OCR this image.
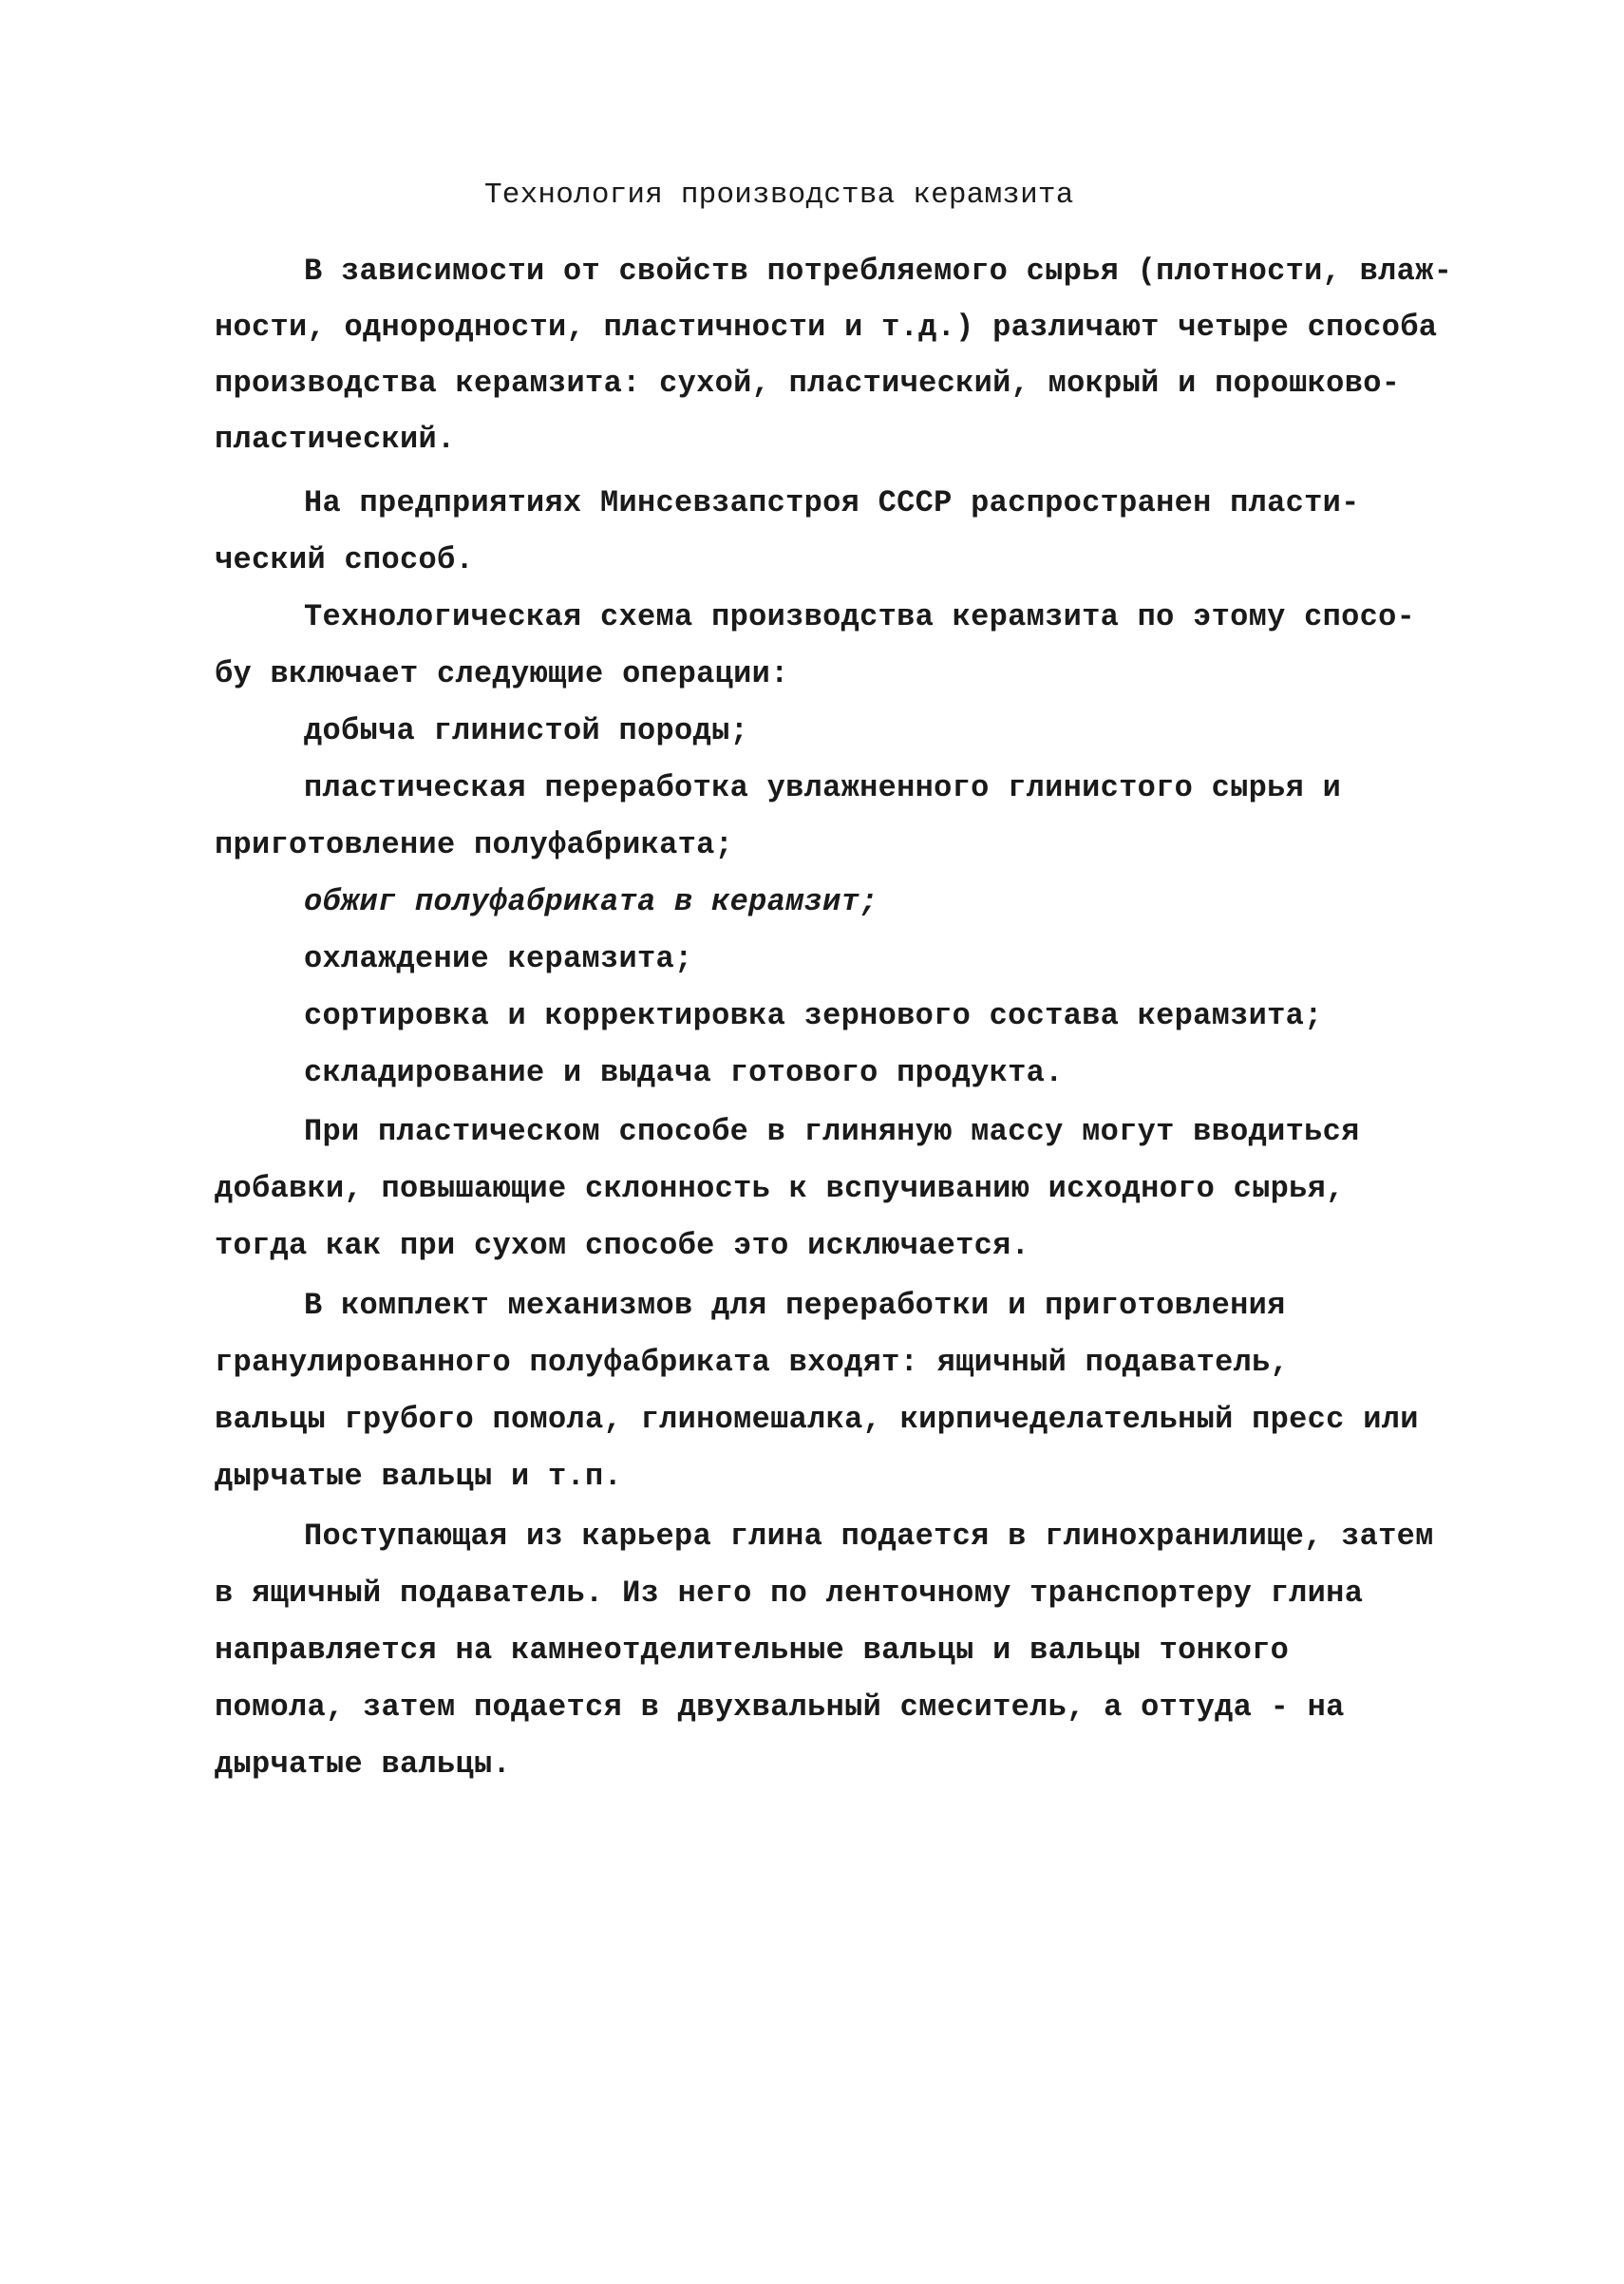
Технология производства керамзита
В зависимости от свойств потребляемого сырья (плотности, влаж-
ности, однородности, пластичности и т.д.) различают четыре способа
производства керамзита: сухой, пластический, мокрый и порошково-
пластический.
На предприятиях Минсевзапстроя СССР распространен пласти-
ческий способ.
Технологическая схема производства керамзита по этому спосо-
бу включает следующие операции:
добыча глинистой породы;
пластическая переработка увлажненного глинистого сырья и
приготовление полуфабриката;
обжиг полуфабриката в керамзит;
охлаждение керамзита;
сортировка и корректировка зернового состава керамзита;
складирование и выдача готового продукта.
При пластическом способе в глиняную массу могут вводиться
добавки, повышающие склонность к вспучиванию исходного сырья,
тогда как при сухом способе это исключается.
В комплект механизмов для переработки и приготовления
гранулированного полуфабриката входят: ящичный подаватель,
вальцы грубого помола, глиномешалка, кирпичеделательный пресс или
дырчатые вальцы и т.п.
Поступающая из карьера глина подается в глинохранилище, затем
в ящичный подаватель. Из него по ленточному транспортеру глина
направляется на камнеотделительные вальцы и вальцы тонкого
помола, затем подается в двухвальный смеситель, а оттуда - на
дырчатые вальцы.
